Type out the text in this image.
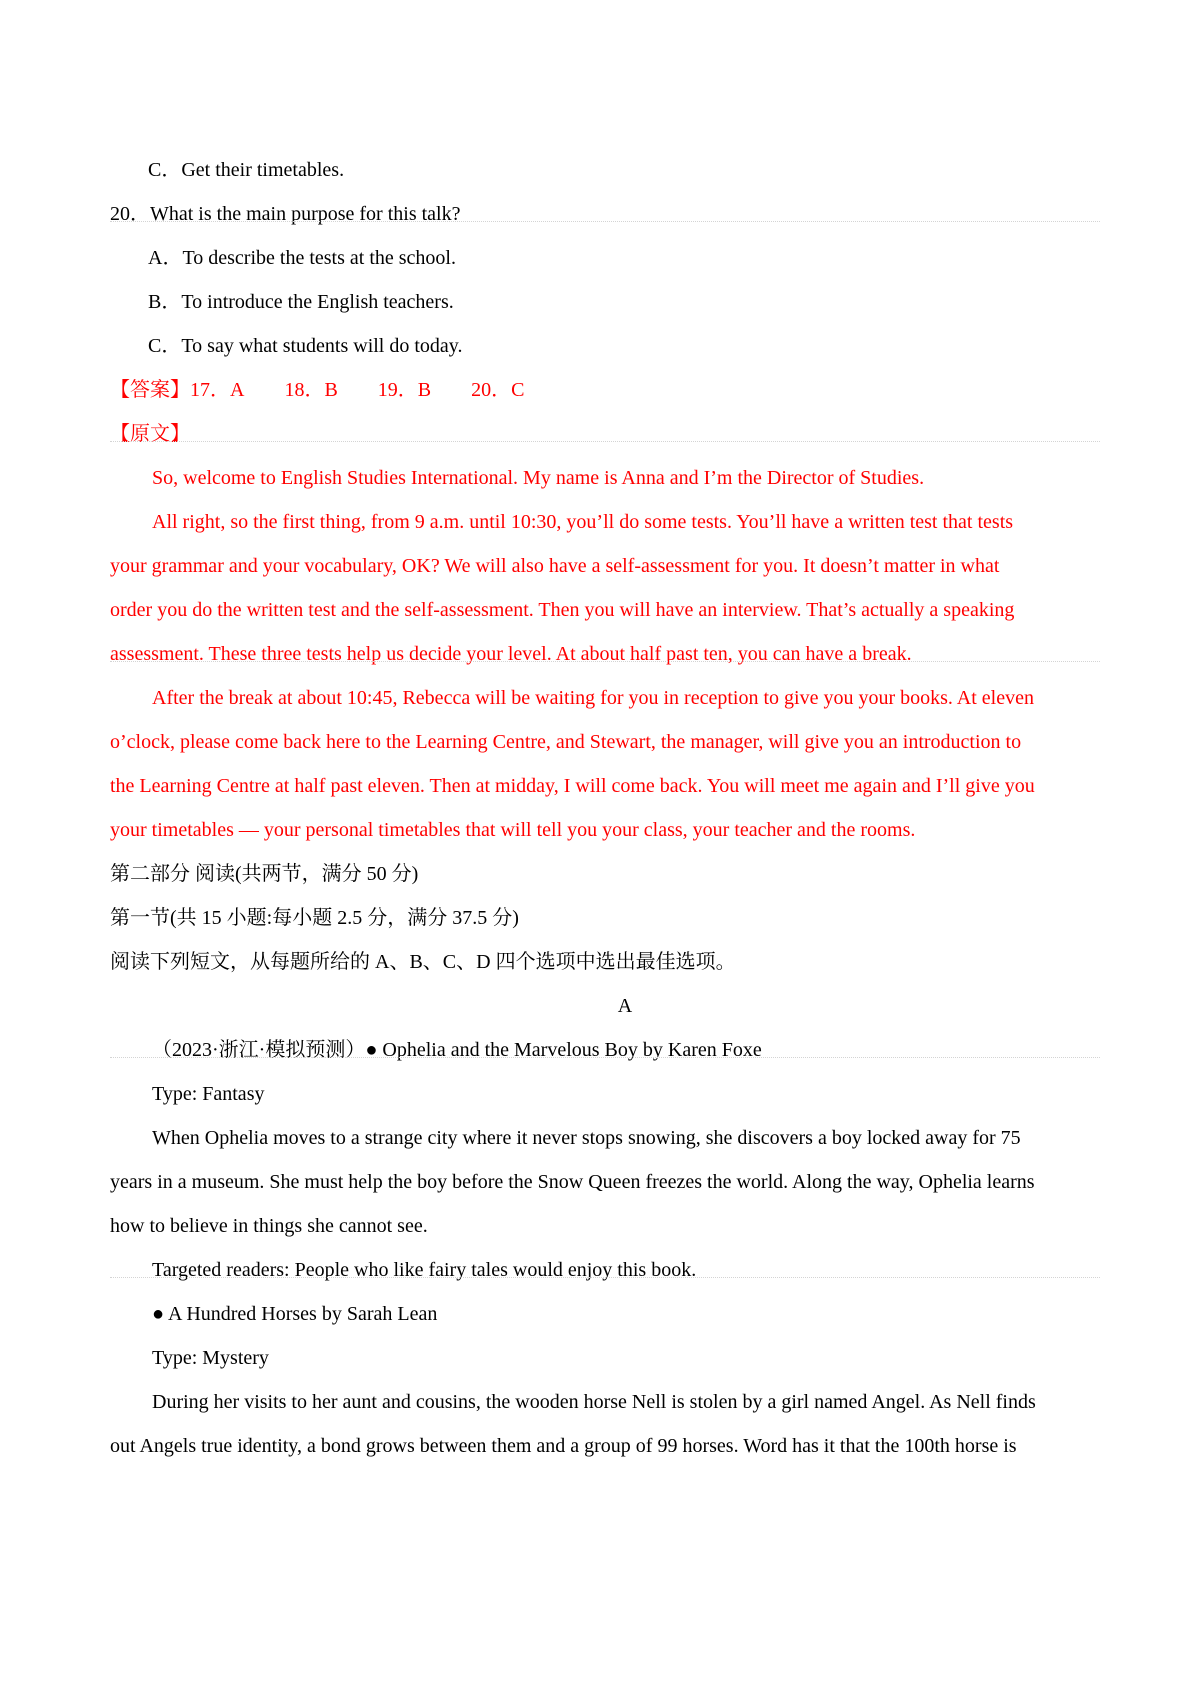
C．Get their timetables.
20．What is the main purpose for this talk?
A．To describe the tests at the school.
B．To introduce the English teachers.
C．To say what students will do today.
【答案】17．A 18．B 19．B 20．C
【原文】
So, welcome to English Studies International. My name is Anna and I’m the Director of Studies.
All right, so the first thing, from 9 a.m. until 10:30, you’ll do some tests. You’ll have a written test that tests
your grammar and your vocabulary, OK? We will also have a self-assessment for you. It doesn’t matter in what
order you do the written test and the self-assessment. Then you will have an interview. That’s actually a speaking
assessment. These three tests help us decide your level. At about half past ten, you can have a break.
After the break at about 10:45, Rebecca will be waiting for you in reception to give you your books. At eleven
o’clock, please come back here to the Learning Centre, and Stewart, the manager, will give you an introduction to
the Learning Centre at half past eleven. Then at midday, I will come back. You will meet me again and I’ll give you
your timetables — your personal timetables that will tell you your class, your teacher and the rooms.
第二部分 阅读(共两节，满分 50 分)
第一节(共 15 小题:每小题 2.5 分，满分 37.5 分)
阅读下列短文，从每题所给的 A、B、C、D 四个选项中选出最佳选项。
A
（2023·浙江·模拟预测）● Ophelia and the Marvelous Boy by Karen Foxe
Type: Fantasy
When Ophelia moves to a strange city where it never stops snowing, she discovers a boy locked away for 75
years in a museum. She must help the boy before the Snow Queen freezes the world. Along the way, Ophelia learns
how to believe in things she cannot see.
Targeted readers: People who like fairy tales would enjoy this book.
● A Hundred Horses by Sarah Lean
Type: Mystery
During her visits to her aunt and cousins, the wooden horse Nell is stolen by a girl named Angel. As Nell finds
out Angels true identity, a bond grows between them and a group of 99 horses. Word has it that the 100th horse is
